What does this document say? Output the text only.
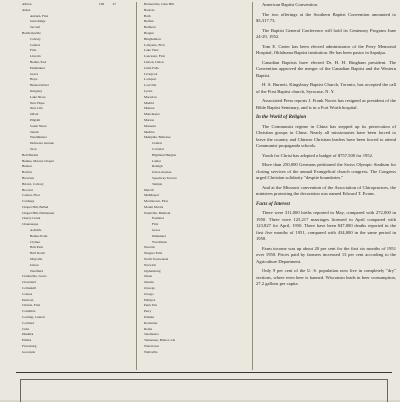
Albion	108	27
Alden
Auburn, First
Glen Ridge
Second
Baldwinsville
Calvary
Central
First
Lincoln
Bethel, East
Emmanuel
Grace
Hope
Hudson River
Kingsley
Lake Shore
New Hope
New Life
Olivet
Pilgrim
South Shore
Salem
Westminster
Delaware Avenue
Zion
Bell Buckle
Bemus, Marcus Chapel
Benton
Bolivar
Brewster
Bristol, Calvary
Brocton
Canton, First
Carthage
Chapel Hill, Bethel
Chapel Hill, Emmanuel
Cherry Creek
Chautauqua
Ashville
Bemus Point
Clymer
Hall Park
Hall North
Mayville
Union
Westfield
Clarksville, Grace
Cleveland
Cobleskill
Cohoes
Delevan
Clinton, First
Columbia
Corning, Central
Cortland
Cuba
Dunkirk
Elmira
Frewsburg
Gowanda
Barnesville, Glen Hill
Batavia
Bath
Belfast
Belmont
Bergen
Binghamton
Lafayette, First
Lake View
Lancaster, First
Lisbon, Union
Little Falls
Liverpool
Lockport
Lowville
Lyons
Macedon
Madrid
Malone
Manchester
Marion
Massena
Medina
Memphis, Bellevue
Central
Colonial
Highland Heights
Lamar
Raleigh
Union Avenue
Speedway Terrace
Temple
Merrill
Middleport
Morristown, First
Mount Morris
Nashville, Belmont
Eastland
First
Grace
Immanuel
Woodmont
Newark
Niagara Falls
North Tonawanda
Norwich
Ogdensburg
Olean
Oneida
Oswego
Owego
Palmyra
Penn Yan
Perry
Pulaski
Rochester
Rome
Salamanca
Tennessee, Bristol, Lin
Watertown
Wellsville

American Baptist Convention.

The two offerings at the Southern Baptist Convention amounted to $3,317.73.

The Baptist General Conference will hold its Centenary Program June 24-29, 1952.

Tom E. Carter has been elected administrator of the Perry Memorial Hospital, Oklahoma Baptist institution. He has been pastor in Sapulpa.

Canadian Baptists have elected Dr. H. H. Bingham president. The Convention approved the merger of the Canadian Baptist and the Western Baptist.

H. S. Burnett, Kingsbury Baptist Church, Toronto, has accepted the call of the First Baptist church, Syracuse, N. Y.

Associated Press reports J. Frank Norris has resigned as president of the Bible Baptist Seminary, and is in a Fort Worth hospital.

In the World of Religion

The Communist regime in China has stepped up its persecution of Christian groups in China. Nearly all missionaries have been forced to leave the country and Chinese Christian leaders have been forced to attend Communist propaganda schools.

Youth for Christ has adopted a budget of $757,500 for 1952.

More than 250,000 Germans petitioned the Swiss Olympic Stadium for closing services of the annual Evangelical church congress. The Congress urged Christian solidarity "despite boundaries."

And at the Missouri convention of the Association of Chiropractors, the ministers protesting the decoration was named Edward T. Evans.

Facts of Interest

There were 311,000 births reported in May, compared with 272,000 in 1950. There were 125,217 marriages licensed in April compared with 123,827 for April, 1950. There have been 847,000 deaths reported in the first five months of 1951, compared with 434,000 in the same period in 1950.

Farm income was up about 20 per cent for the first six months of 1951 over 1950. Prices paid by farmers increased 13 per cent according to the Agriculture Department.

Only 9 per cent of the U. S. population now live in completely "dry" sections, where even beer is banned. Wisconsin leads in beer consumption, 27.2 gallons per capita.
